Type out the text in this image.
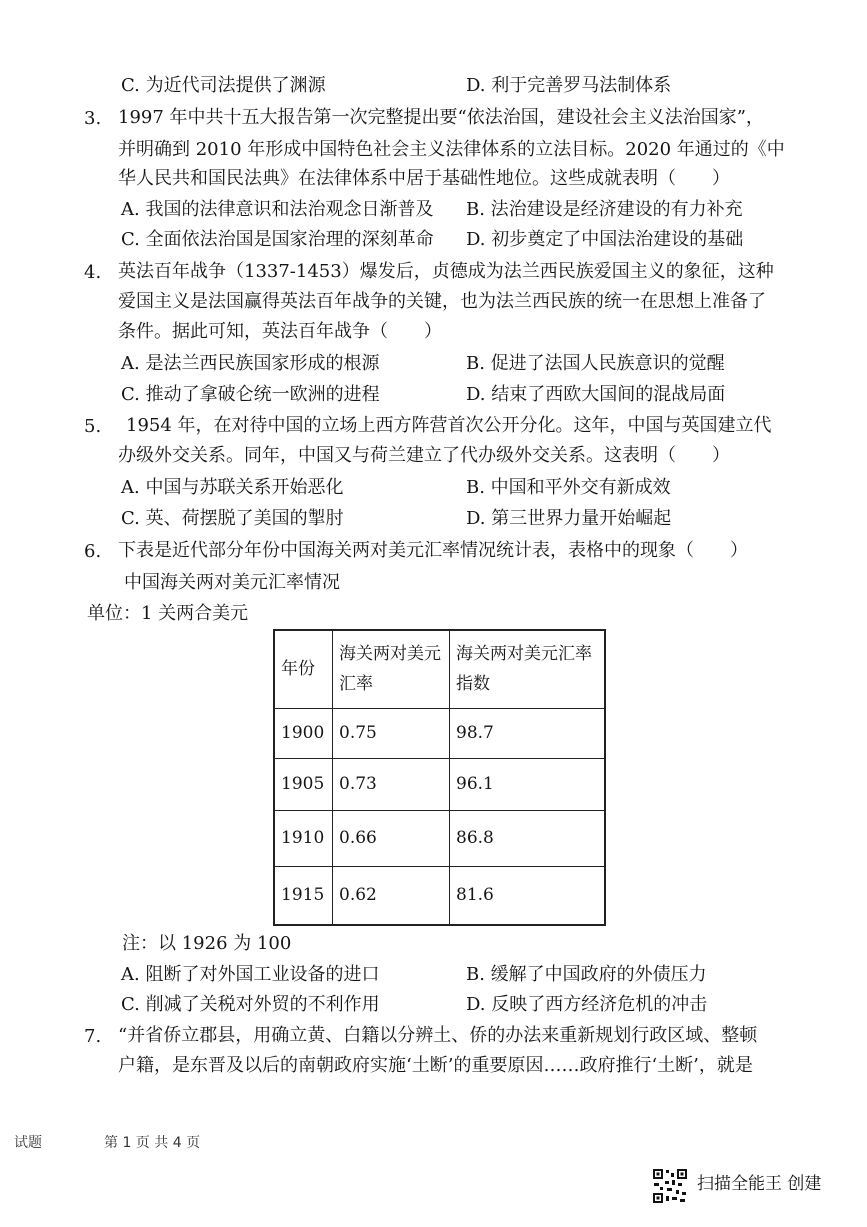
C. 为近代司法提供了渊源	D. 利于完善罗马法制体系
3. 1997 年中共十五大报告第一次完整提出要“依法治国，建设社会主义法治国家”，
并明确到 2010 年形成中国特色社会主义法律体系的立法目标。2020 年通过的《中
华人民共和国民法典》在法律体系中居于基础性地位。这些成就表明（　　）
A. 我国的法律意识和法治观念日渐普及 B. 法治建设是经济建设的有力补充
C. 全面依法治国是国家治理的深刻革命 D. 初步奠定了中国法治建设的基础
4. 英法百年战争（1337-1453）爆发后，贞德成为法兰西民族爱国主义的象征，这种
爱国主义是法国赢得英法百年战争的关键，也为法兰西民族的统一在思想上准备了
条件。据此可知，英法百年战争（　　）
A. 是法兰西民族国家形成的根源	B. 促进了法国人民族意识的觉醒
C. 推动了拿破仑统一欧洲的进程	D. 结束了西欧大国间的混战局面
5. 1954 年，在对待中国的立场上西方阵营首次公开分化。这年，中国与英国建立代
办级外交关系。同年，中国又与荷兰建立了代办级外交关系。这表明（　　）
A. 中国与苏联关系开始恶化	B. 中国和平外交有新成效
C. 英、荷摆脱了美国的掣肘	D. 第三世界力量开始崛起
6. 下表是近代部分年份中国海关两对美元汇率情况统计表，表格中的现象（　　）
中国海关两对美元汇率情况
单位：1 关两合美元
年份	海关两对美元汇率	海关两对美元汇率指数
1900	0.75	98.7
1905	0.73	96.1
1910	0.66	86.8
1915	0.62	81.6
注：以 1926 为 100
A. 阻断了对外国工业设备的进口	B. 缓解了中国政府的外债压力
C. 削减了关税对外贸的不利作用	D. 反映了西方经济危机的冲击
7. “并省侨立郡县，用确立黄、白籍以分辨土、侨的办法来重新规划行政区域、整顿
户籍，是东晋及以后的南朝政府实施‘土断’的重要原因……政府推行‘土断’，就是
试题	第 1 页 共 4 页
扫描全能王 创建
